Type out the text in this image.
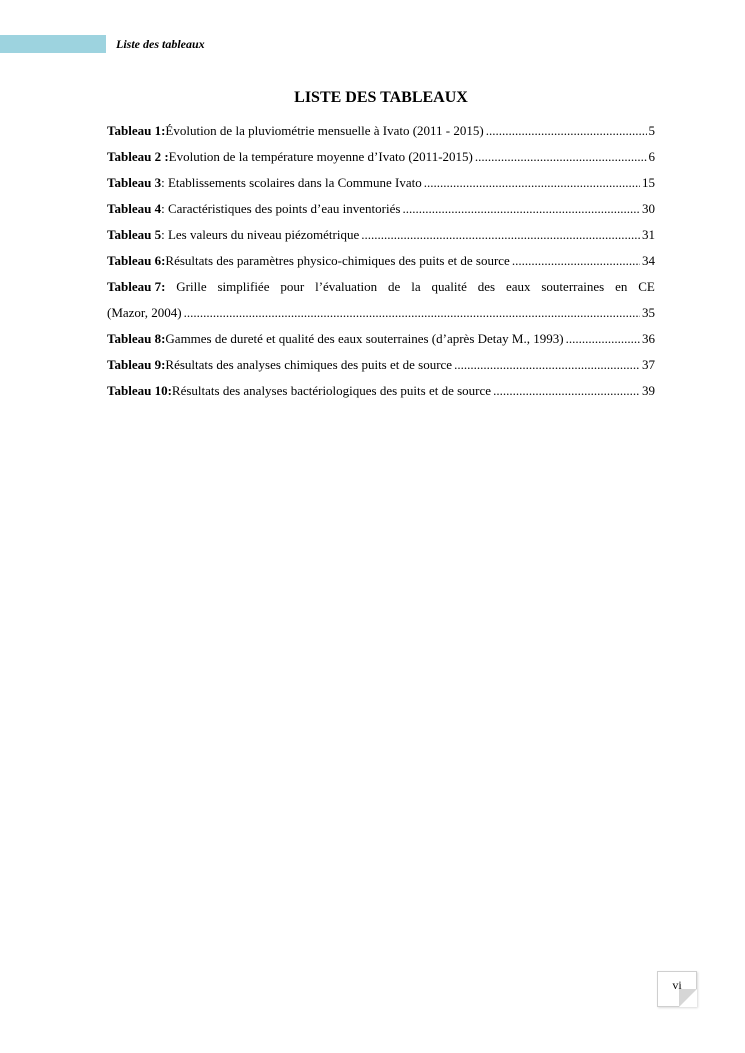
Liste des tableaux
LISTE DES TABLEAUX
Tableau 1: Évolution de la pluviométrie mensuelle à Ivato (2011 - 2015) .....	5
Tableau 2 : Evolution de la température moyenne d’Ivato (2011-2015) .....	6
Tableau 3 : Etablissements scolaires dans la Commune Ivato .....	15
Tableau 4 : Caractéristiques des points d’eau inventoriés .....	30
Tableau 5 : Les valeurs du niveau piézométrique .....	31
Tableau 6: Résultats des paramètres physico-chimiques des puits et de source .....	34
Tableau 7: Grille simplifiée pour l’évaluation de la qualité des eaux souterraines en CE
(Mazor, 2004) .....	35
Tableau 8: Gammes de dureté et qualité des eaux souterraines (d’après Detay M., 1993) .....	36
Tableau 9: Résultats des analyses chimiques des puits et de source .....	37
Tableau 10: Résultats des analyses bactériologiques des puits et de source .....	39
vi
